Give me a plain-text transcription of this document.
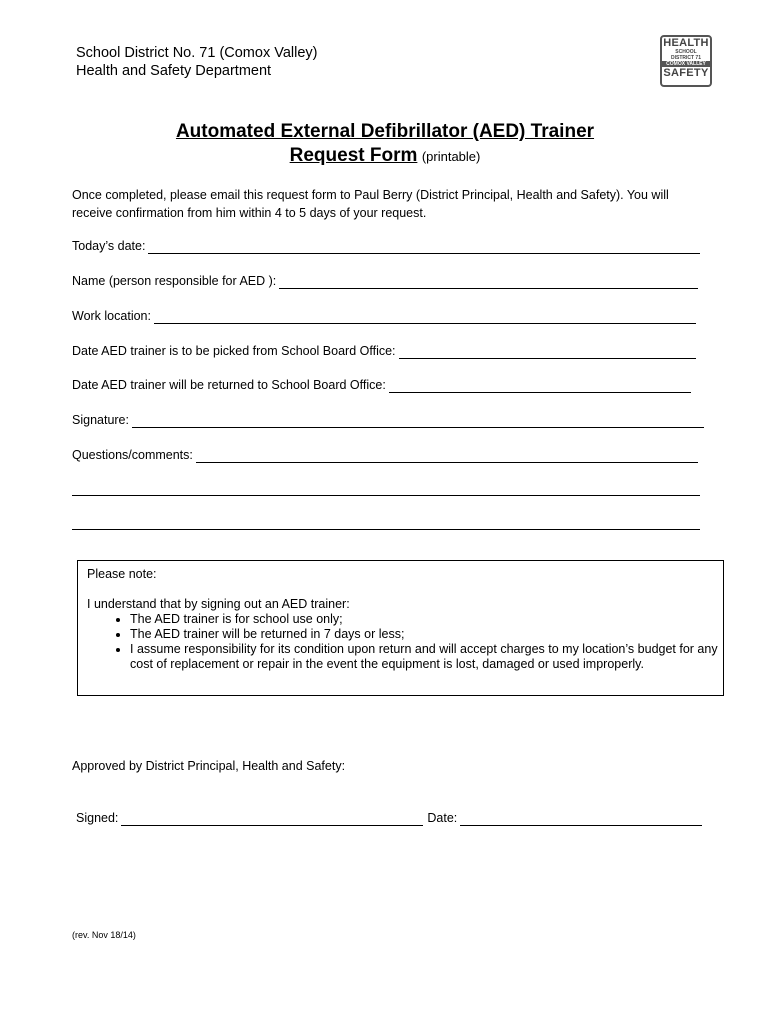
School District No. 71 (Comox Valley)
Health and Safety Department
HEALTH
SCHOOL
DISTRICT 71
COMOX VALLEY
SAFETY
Automated External Defibrillator (AED) Trainer
Request Form (printable)
Once completed, please email this request form to Paul Berry (District Principal, Health and Safety). You will receive confirmation from him within 4 to 5 days of your request.
Today’s date:
Name (person responsible for AED ):
Work location:
Date AED trainer is to be picked from School Board Office:
Date AED trainer will be returned to School Board Office:
Signature:
Questions/comments:
Please note:
I understand that by signing out an AED trainer:
• The AED trainer is for school use only;
• The AED trainer will be returned in 7 days or less;
• I assume responsibility for its condition upon return and will accept charges to my location’s budget for any cost of replacement or repair in the event the equipment is lost, damaged or used improperly.
Approved by District Principal, Health and Safety:
Signed:	Date:
(rev. Nov 18/14)
